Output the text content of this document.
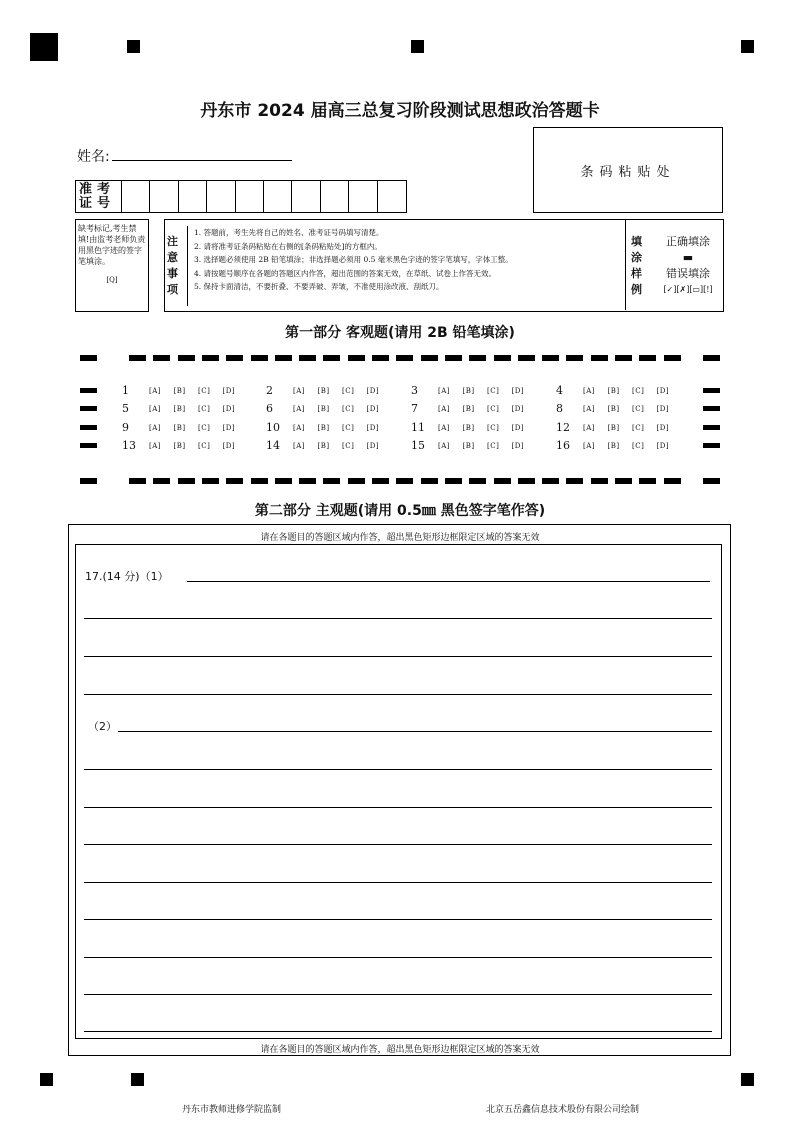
丹东市 2024 届高三总复习阶段测试思想政治答题卡
姓名:
条码粘贴处
准考证号
缺考标记,考生禁填!由监考老师负责用黑色字迹的签字笔填涂。
[Q]
注意事项
1. 答题前，考生先将自己的姓名、准考证号码填写清楚。
2. 请将准考证条码粘贴在右侧的[条码粘贴处]的方框内。
3. 选择题必须使用 2B 铅笔填涂；非选择题必须用 0.5 毫米黑色字迹的签字笔填写，字体工整。
4. 请按题号顺序在各题的答题区内作答，超出范围的答案无效，在草纸、试卷上作答无效。
5. 保持卡面清洁，不要折叠、不要弄破、弄皱，不准使用涂改液、刮纸刀。
填涂样例
正确填涂
▬
错误填涂
[✓][✗][▭][!]
第一部分 客观题(请用 2B 铅笔填涂)
1	[A] [B] [C] [D]	2	[A] [B] [C] [D]	3	[A] [B] [C] [D]	4	[A] [B] [C] [D]
5	[A] [B] [C] [D]	6	[A] [B] [C] [D]	7	[A] [B] [C] [D]	8	[A] [B] [C] [D]
9	[A] [B] [C] [D]	10 [A] [B] [C] [D]	11 [A] [B] [C] [D]	12 [A] [B] [C] [D]
13 [A] [B] [C] [D]	14 [A] [B] [C] [D]	15 [A] [B] [C] [D]	16 [A] [B] [C] [D]
第二部分 主观题(请用 0.5㎜ 黑色签字笔作答)
请在各题目的答题区域内作答，超出黑色矩形边框限定区域的答案无效
17.(14 分)（1）
（2）
请在各题目的答题区域内作答，超出黑色矩形边框限定区域的答案无效
丹东市教师进修学院监制	北京五岳鑫信息技术股份有限公司绘制
